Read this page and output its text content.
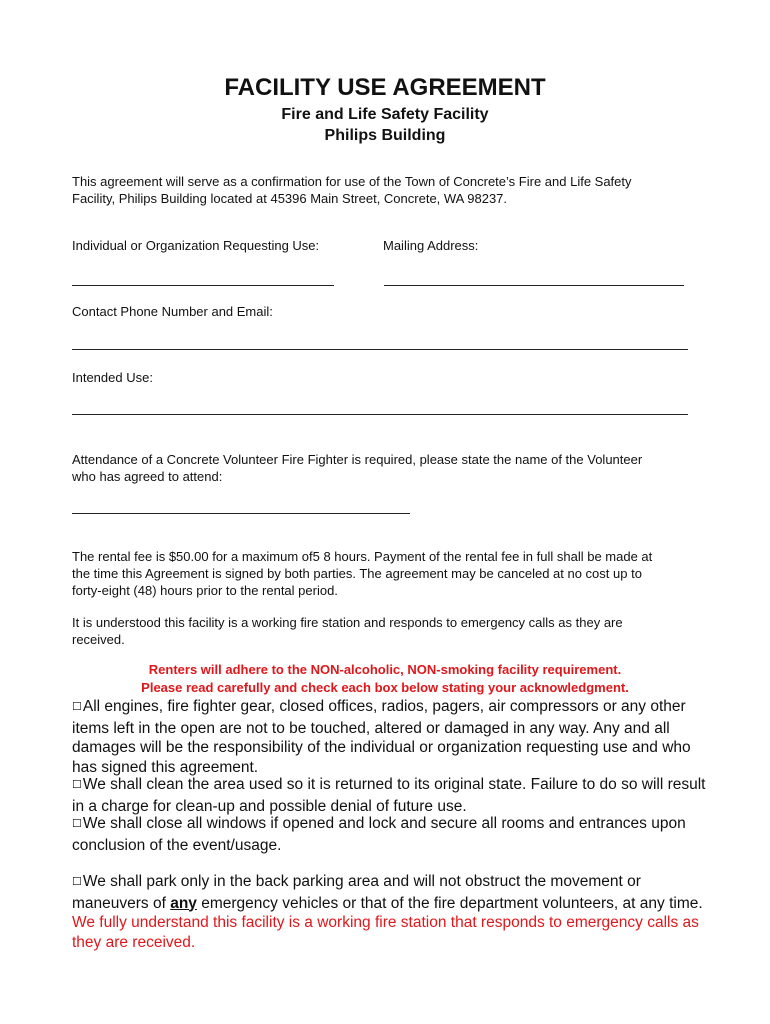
FACILITY USE AGREEMENT
Fire and Life Safety Facility
Philips Building
This agreement will serve as a confirmation for use of the Town of Concrete’s Fire and Life Safety
Facility, Philips Building located at 45396 Main Street, Concrete, WA 98237.
Individual or Organization Requesting Use:	Mailing Address:
Contact Phone Number and Email:
Intended Use:
Attendance of a Concrete Volunteer Fire Fighter is required, please state the name of the Volunteer
who has agreed to attend:
The rental fee is $50.00 for a maximum of5 8 hours. Payment of the rental fee in full shall be made at
the time this Agreement is signed by both parties. The agreement may be canceled at no cost up to
forty-eight (48) hours prior to the rental period.
It is understood this facility is a working fire station and responds to emergency calls as they are
received.
Renters will adhere to the NON-alcoholic, NON-smoking facility requirement.
Please read carefully and check each box below stating your acknowledgment.
☐All engines, fire fighter gear, closed offices, radios, pagers, air compressors or any other items left in the open are not to be touched, altered or damaged in any way. Any and all damages will be the responsibility of the individual or organization requesting use and who has signed this agreement.
☐We shall clean the area used so it is returned to its original state. Failure to do so will result in a charge for clean-up and possible denial of future use.
☐We shall close all windows if opened and lock and secure all rooms and entrances upon conclusion of the event/usage.
☐We shall park only in the back parking area and will not obstruct the movement or maneuvers of any emergency vehicles or that of the fire department volunteers, at any time. We fully understand this facility is a working fire station that responds to emergency calls as they are received.
